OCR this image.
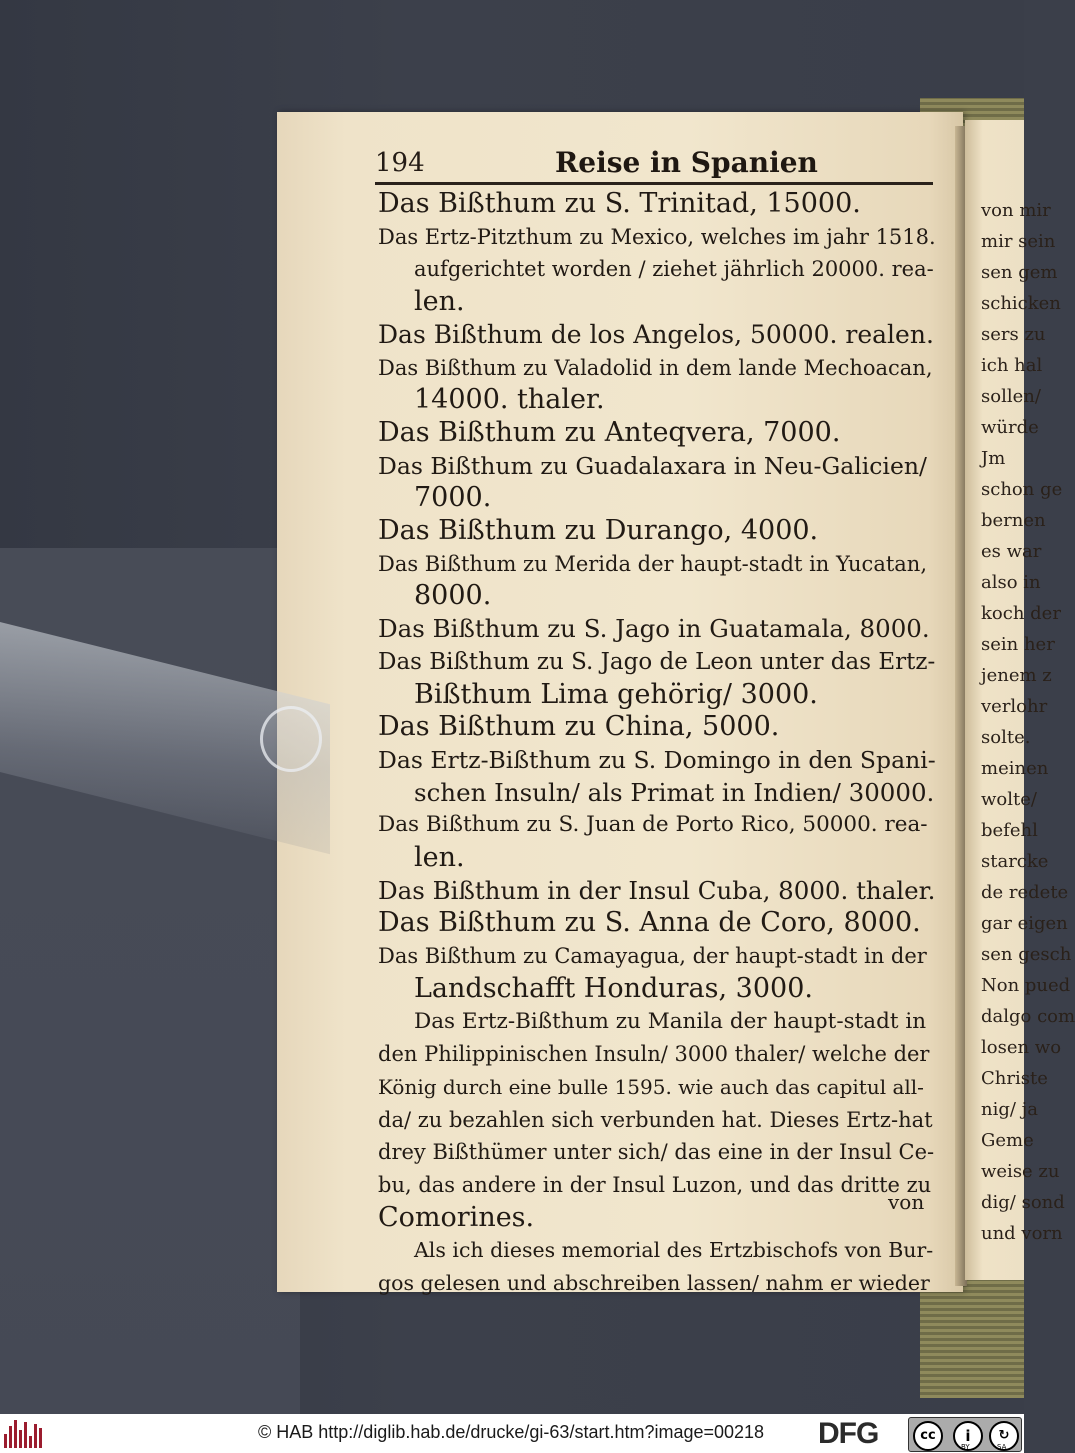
von mir
mir sein
sen gem
schicken
sers zu
ich hal
sollen/
würde
Jm
schon ge
bernen
es war
also in
koch der
sein her
jenem z
verlohr
solte.
meinen
wolte/
befehl
starcke
de redete
gar eigen
sen gesch
Non pued
dalgo com
losen wo
Christe
nig/ ja
Geme
weise zu
dig/ sond
und vorn
194	Reise in Spanien
Das Bißthum zu S. Trinitad, 15000.
Das Ertz-Pitzthum zu Mexico, welches im jahr 1518.
aufgerichtet worden / ziehet jährlich 20000. rea-
len.
Das Bißthum de los Angelos, 50000. realen.
Das Bißthum zu Valadolid in dem lande Mechoacan,
14000. thaler.
Das Bißthum zu Anteqvera, 7000.
Das Bißthum zu Guadalaxara in Neu-Galicien/
7000.
Das Bißthum zu Durango, 4000.
Das Bißthum zu Merida der haupt-stadt in Yucatan,
8000.
Das Bißthum zu S. Jago in Guatamala, 8000.
Das Bißthum zu S. Jago de Leon unter das Ertz-
Bißthum Lima gehörig/ 3000.
Das Bißthum zu China, 5000.
Das Ertz-Bißthum zu S. Domingo in den Spani-
schen Insuln/ als Primat in Indien/ 30000.
Das Bißthum zu S. Juan de Porto Rico, 50000. rea-
len.
Das Bißthum in der Insul Cuba, 8000. thaler.
Das Bißthum zu S. Anna de Coro, 8000.
Das Bißthum zu Camayagua, der haupt-stadt in der
Landschafft Honduras, 3000.
Das Ertz-Bißthum zu Manila der haupt-stadt in
den Philippinischen Insuln/ 3000 thaler/ welche der
König durch eine bulle 1595. wie auch das capitul all-
da/ zu bezahlen sich verbunden hat. Dieses Ertz-hat
drey Bißthümer unter sich/ das eine in der Insul Ce-
bu, das andere in der Insul Luzon, und das dritte zu
Comorines.
Als ich dieses memorial des Ertzbischofs von Bur-
gos gelesen und abschreiben lassen/ nahm er wieder
von
© HAB http://diglib.hab.de/drucke/gi-63/start.htm?image=00218 DFG	cc	i	↻
BY	SA
